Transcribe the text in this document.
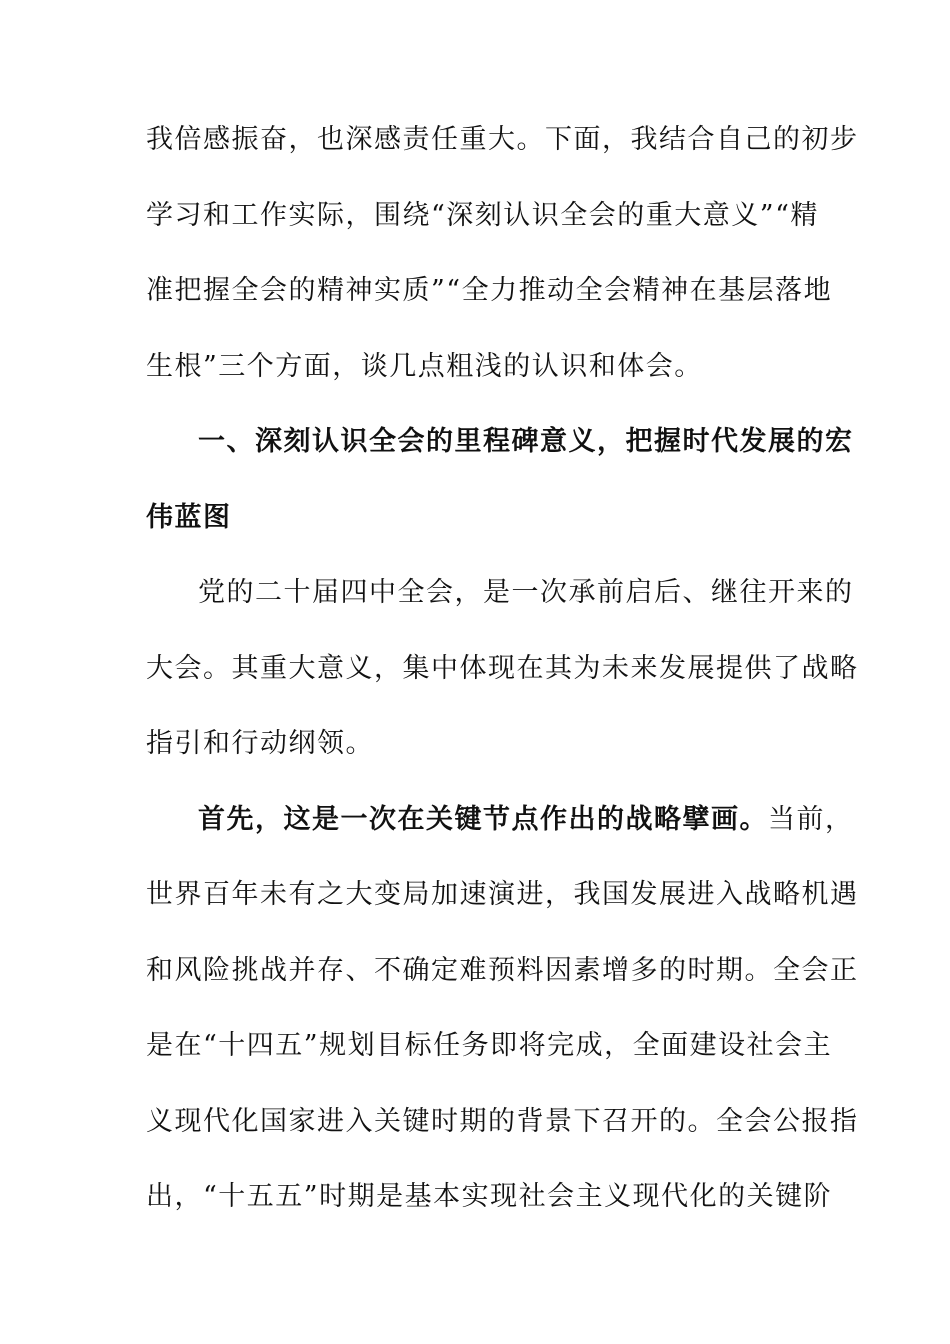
我倍感振奋，也深感责任重大。下面，我结合自己的初步
学习和工作实际，围绕“深刻认识全会的重大意义”“精
准把握全会的精神实质”“全力推动全会精神在基层落地
生根”三个方面，谈几点粗浅的认识和体会。
一、深刻认识全会的里程碑意义，把握时代发展的宏
伟蓝图
党的二十届四中全会，是一次承前启后、继往开来的
大会。其重大意义，集中体现在其为未来发展提供了战略
指引和行动纲领。
首先，这是一次在关键节点作出的战略擘画。当前，
世界百年未有之大变局加速演进，我国发展进入战略机遇
和风险挑战并存、不确定难预料因素增多的时期。全会正
是在“十四五”规划目标任务即将完成，全面建设社会主
义现代化国家进入关键时期的背景下召开的。全会公报指
出，“十五五”时期是基本实现社会主义现代化的关键阶
